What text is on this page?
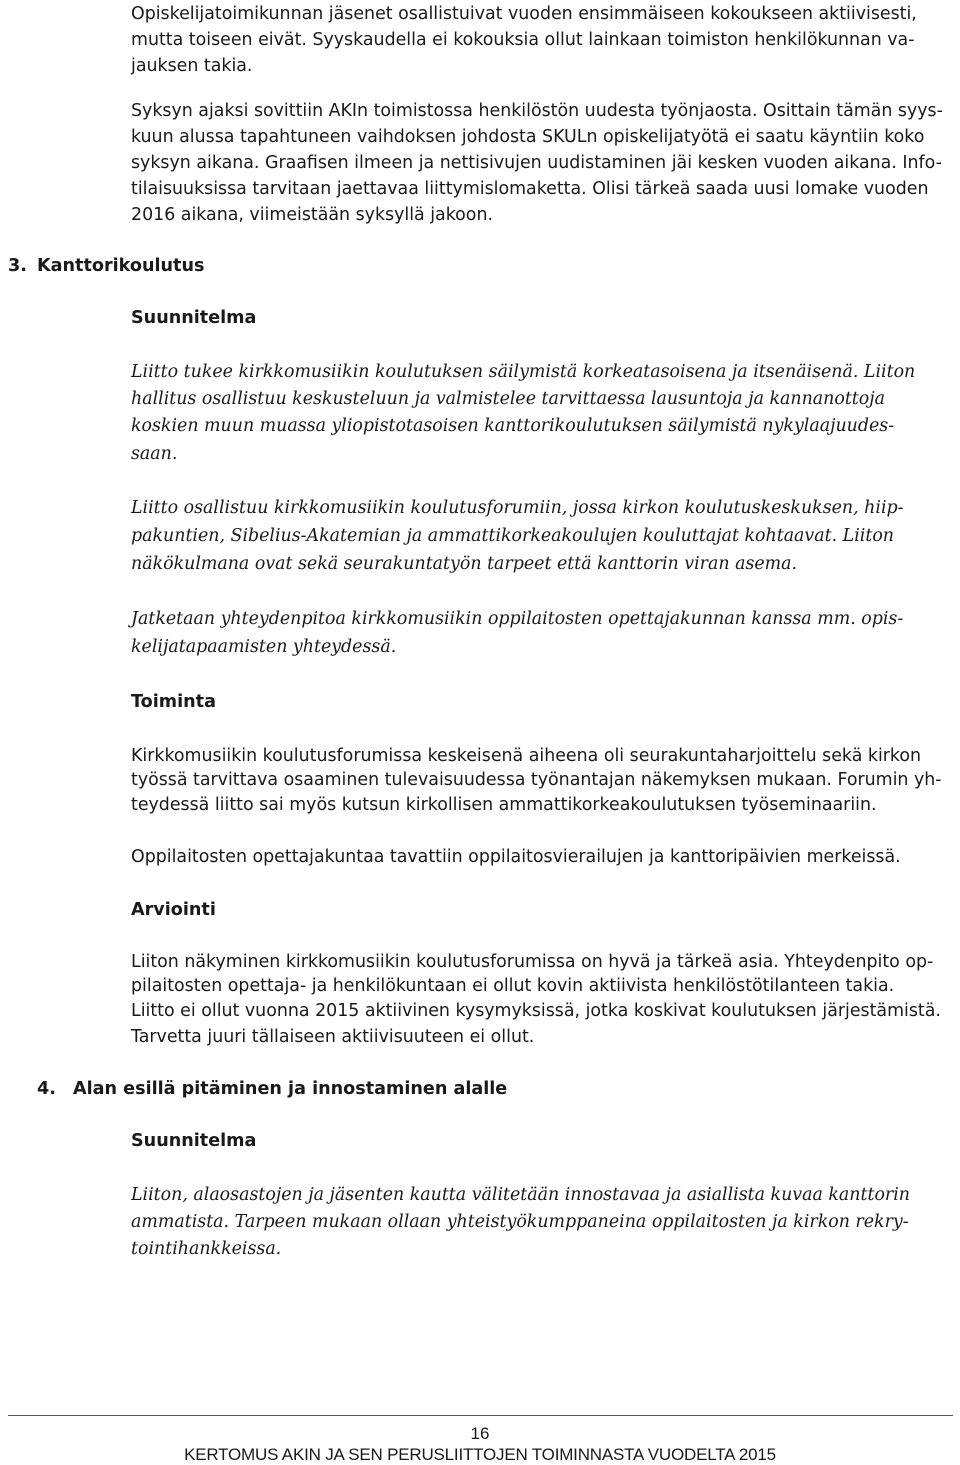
Opiskelijatoimikunnan jäsenet osallistuivat vuoden ensimmäiseen kokoukseen aktiivisesti,
mutta toiseen eivät. Syyskaudella ei kokouksia ollut lainkaan toimiston henkilökunnan va-
jauksen takia.
Syksyn ajaksi sovittiin AKIn toimistossa henkilöstön uudesta työnjaosta. Osittain tämän syys-
kuun alussa tapahtuneen vaihdoksen johdosta SKULn opiskelijatyötä ei saatu käyntiin koko
syksyn aikana. Graafisen ilmeen ja nettisivujen uudistaminen jäi kesken vuoden aikana. Info-
tilaisuuksissa tarvitaan jaettavaa liittymislomaketta. Olisi tärkeä saada uusi lomake vuoden
2016 aikana, viimeistään syksyllä jakoon.
3. Kanttorikoulutus
Suunnitelma
Liitto tukee kirkkomusiikin koulutuksen säilymistä korkeatasoisena ja itsenäisenä. Liiton
hallitus osallistuu keskusteluun ja valmistelee tarvittaessa lausuntoja ja kannanottoja
koskien muun muassa yliopistotasoisen kanttorikoulutuksen säilymistä nykylaajuudes-
saan.
Liitto osallistuu kirkkomusiikin koulutusforumiin, jossa kirkon koulutuskeskuksen, hiip-
pakuntien, Sibelius-Akatemian ja ammattikorkeakoulujen kouluttajat kohtaavat. Liiton
näkökulmana ovat sekä seurakuntatyön tarpeet että kanttorin viran asema.
Jatketaan yhteydenpitoa kirkkomusiikin oppilaitosten opettajakunnan kanssa mm. opis-
kelijatapaamisten yhteydessä.
Toiminta
Kirkkomusiikin koulutusforumissa keskeisenä aiheena oli seurakuntaharjoittelu sekä kirkon
työssä tarvittava osaaminen tulevaisuudessa työnantajan näkemyksen mukaan. Forumin yh-
teydessä liitto sai myös kutsun kirkollisen ammattikorkeakoulutuksen työseminaariin.
Oppilaitosten opettajakuntaa tavattiin oppilaitosvierailujen ja kanttoripäivien merkeissä.
Arviointi
Liiton näkyminen kirkkomusiikin koulutusforumissa on hyvä ja tärkeä asia. Yhteydenpito op-
pilaitosten opettaja- ja henkilökuntaan ei ollut kovin aktiivista henkilöstötilanteen takia.
Liitto ei ollut vuonna 2015 aktiivinen kysymyksissä, jotka koskivat koulutuksen järjestämistä.
Tarvetta juuri tällaiseen aktiivisuuteen ei ollut.
4. Alan esillä pitäminen ja innostaminen alalle
Suunnitelma
Liiton, alaosastojen ja jäsenten kautta välitetään innostavaa ja asiallista kuvaa kanttorin
ammatista. Tarpeen mukaan ollaan yhteistyökumppaneina oppilaitosten ja kirkon rekry-
tointihankkeissa.
16
KERTOMUS AKIN JA SEN PERUSLIITTOJEN TOIMINNASTA VUODELTA 2015
